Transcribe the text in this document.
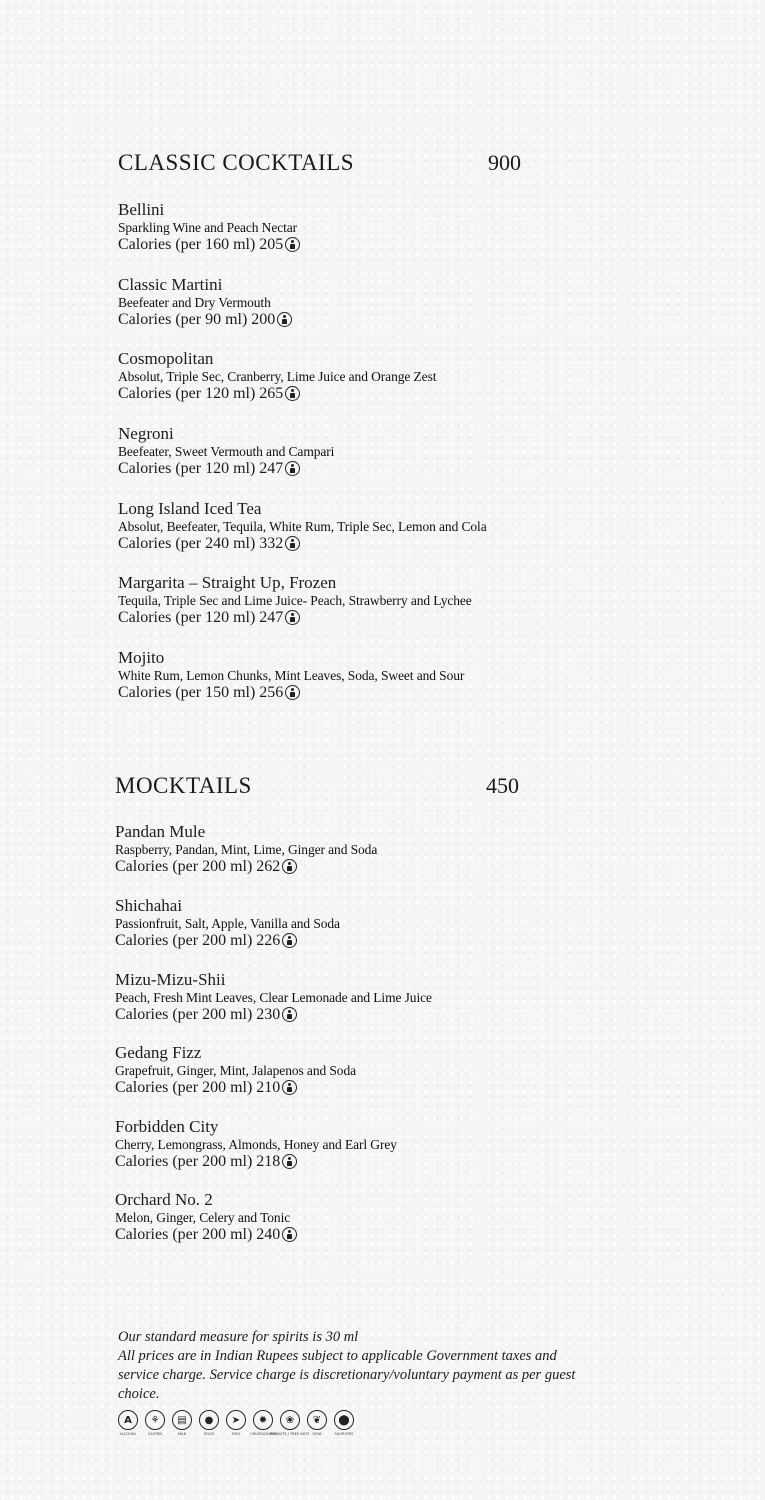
CLASSIC COCKTAILS	900
Bellini
Sparkling Wine and Peach Nectar
Calories (per 160 ml) 205
Classic Martini
Beefeater and Dry Vermouth
Calories (per 90 ml) 200
Cosmopolitan
Absolut, Triple Sec, Cranberry, Lime Juice and Orange Zest
Calories (per 120 ml) 265
Negroni
Beefeater, Sweet Vermouth and Campari
Calories (per 120 ml) 247
Long Island Iced Tea
Absolut, Beefeater, Tequila, White Rum, Triple Sec, Lemon and Cola
Calories (per 240 ml) 332
Margarita – Straight Up, Frozen
Tequila, Triple Sec and Lime Juice- Peach, Strawberry and Lychee
Calories (per 120 ml) 247
Mojito
White Rum, Lemon Chunks, Mint Leaves, Soda, Sweet and Sour
Calories (per 150 ml) 256
MOCKTAILS	450
Pandan Mule
Raspberry, Pandan, Mint, Lime, Ginger and Soda
Calories (per 200 ml) 262
Shichahai
Passionfruit, Salt, Apple, Vanilla and Soda
Calories (per 200 ml) 226
Mizu-Mizu-Shii
Peach, Fresh Mint Leaves, Clear Lemonade and Lime Juice
Calories (per 200 ml) 230
Gedang Fizz
Grapefruit, Ginger, Mint, Jalapenos and Soda
Calories (per 200 ml) 210
Forbidden City
Cherry, Lemongrass, Almonds, Honey and Earl Grey
Calories (per 200 ml) 218
Orchard No. 2
Melon, Ginger, Celery and Tonic
Calories (per 200 ml) 240
Our standard measure for spirits is 30 ml
All prices are in Indian Rupees subject to applicable Government taxes and service charge. Service charge is discretionary/voluntary payment as per guest choice.
A
ALCOHOL
⚘
GLUTEN
▤
MILK
●
EGGS
➤
FISH
✹
CRUSTACEANS
❀
PEANUTS / TREE NUTS
❦
SOYA
⬤
SULPHITES
